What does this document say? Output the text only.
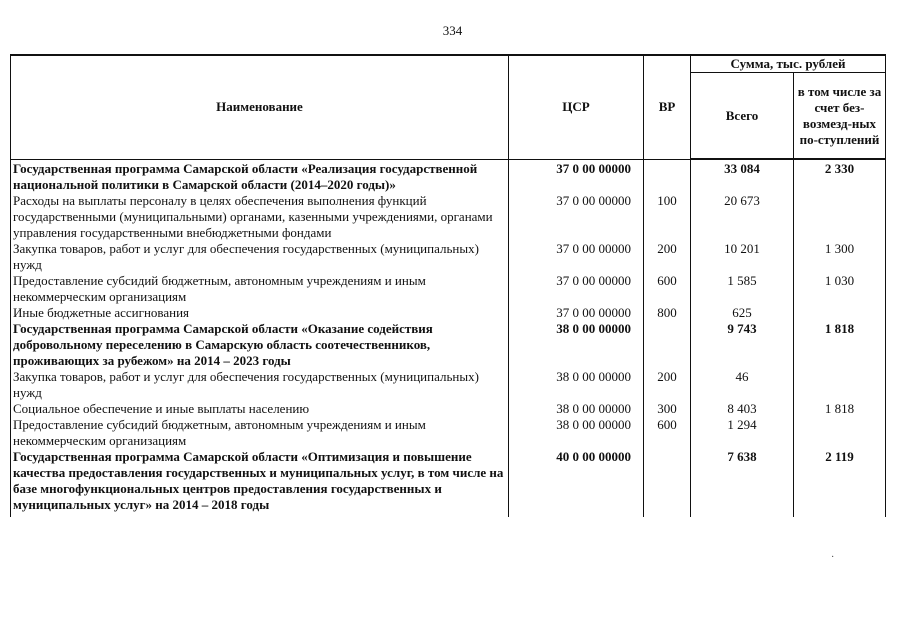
334
Наименование	ЦСР	ВР	Сумма, тыс. рублей	
			Всего	в том числе за счет без-возмезд-ных по-ступлений
Государственная программа Самарской области «Реализация государственной национальной политики в Самарской области (2014–2020 годы)»	37 0 00 00000		33 084	2 330
Расходы на выплаты персоналу в целях обеспечения выполнения функций государственными (муниципальными) органами, казенными учреждениями, органами управления государственными внебюджетными фондами	37 0 00 00000	100	20 673	
Закупка товаров, работ и услуг для обеспечения государственных (муниципальных) нужд	37 0 00 00000	200	10 201	1 300
Предоставление субсидий бюджетным, автономным учреждениям и иным некоммерческим организациям	37 0 00 00000	600	1 585	1 030
Иные бюджетные ассигнования	37 0 00 00000	800	625	
Государственная программа Самарской области «Оказание содействия добровольному переселению в Самарскую область соотечественников, проживающих за рубежом» на 2014 – 2023 годы	38 0 00 00000		9 743	1 818
Закупка товаров, работ и услуг для обеспечения государственных (муниципальных) нужд	38 0 00 00000	200	46	
Социальное обеспечение и иные выплаты населению	38 0 00 00000	300	8 403	1 818
Предоставление субсидий бюджетным, автономным учреждениям и иным некоммерческим организациям	38 0 00 00000	600	1 294	
Государственная программа Самарской области «Оптимизация и повышение качества предоставления государственных и муниципальных услуг, в том числе на базе многофункциональных центров предоставления государственных и муниципальных услуг» на 2014 – 2018 годы	40 0 00 00000		7 638	2 119
·
